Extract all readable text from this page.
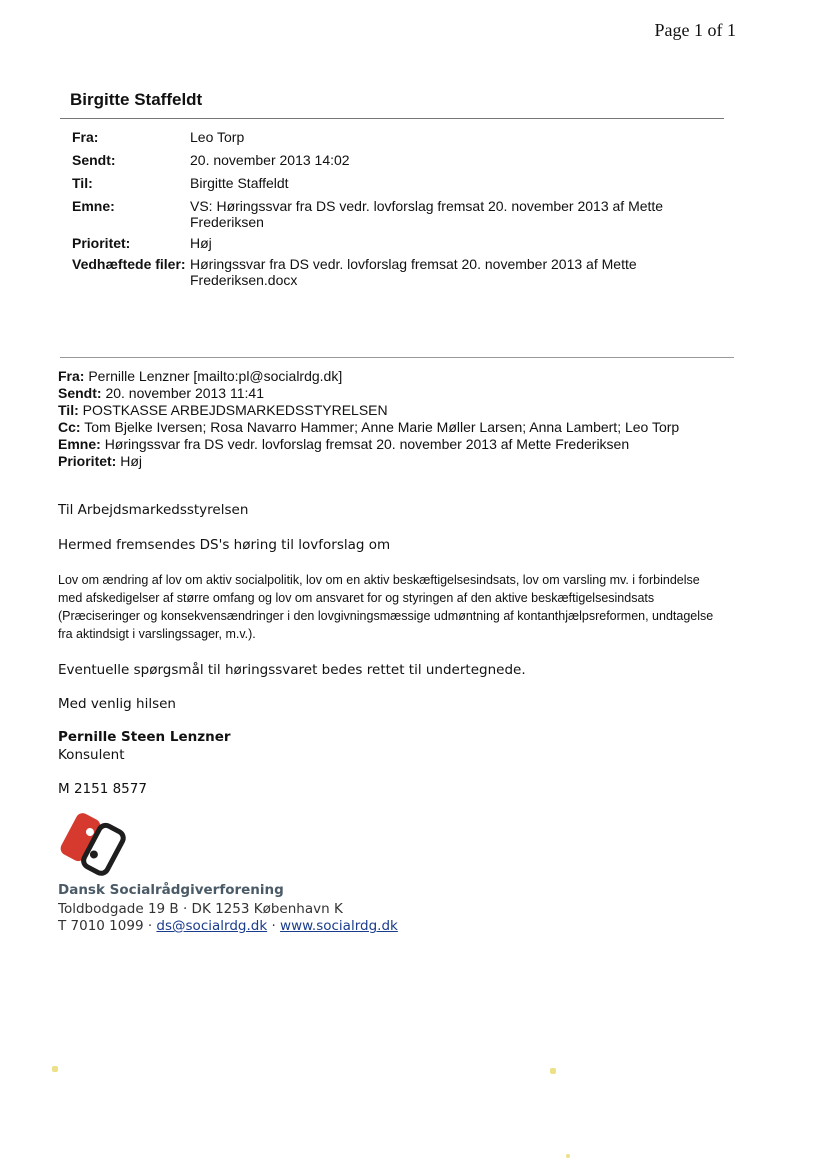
Page 1 of 1
Birgitte Staffeldt
Fra:	Leo Torp
Sendt:	20. november 2013 14:02
Til:	Birgitte Staffeldt
Emne:	VS: Høringssvar fra DS vedr. lovforslag fremsat 20. november 2013 af Mette Frederiksen
Prioritet:	Høj
Vedhæftede filer:	Høringssvar fra DS vedr. lovforslag fremsat 20. november 2013 af Mette Frederiksen.docx
Fra: Pernille Lenzner [mailto:pl@socialrdg.dk]
Sendt: 20. november 2013 11:41
Til: POSTKASSE ARBEJDSMARKEDSSTYRELSEN
Cc: Tom Bjelke Iversen; Rosa Navarro Hammer; Anne Marie Møller Larsen; Anna Lambert; Leo Torp
Emne: Høringssvar fra DS vedr. lovforslag fremsat 20. november 2013 af Mette Frederiksen
Prioritet: Høj
Til Arbejdsmarkedsstyrelsen
Hermed fremsendes DS's høring til lovforslag om
Lov om ændring af lov om aktiv socialpolitik, lov om en aktiv beskæftigelsesindsats, lov om varsling mv. i forbindelse med afskedigelser af større omfang og lov om ansvaret for og styringen af den aktive beskæftigelsesindsats (Præciseringer og konsekvensændringer i den lovgivningsmæssige udmøntning af kontanthjælpsreformen, undtagelse fra aktindsigt i varslingssager, m.v.).
Eventuelle spørgsmål til høringssvaret bedes rettet til undertegnede.
Med venlig hilsen
Pernille Steen Lenzner
Konsulent
M 2151 8577
Dansk Socialrådgiverforening
Toldbodgade 19 B · DK 1253 København K
T 7010 1099 · ds@socialrdg.dk · www.socialrdg.dk
